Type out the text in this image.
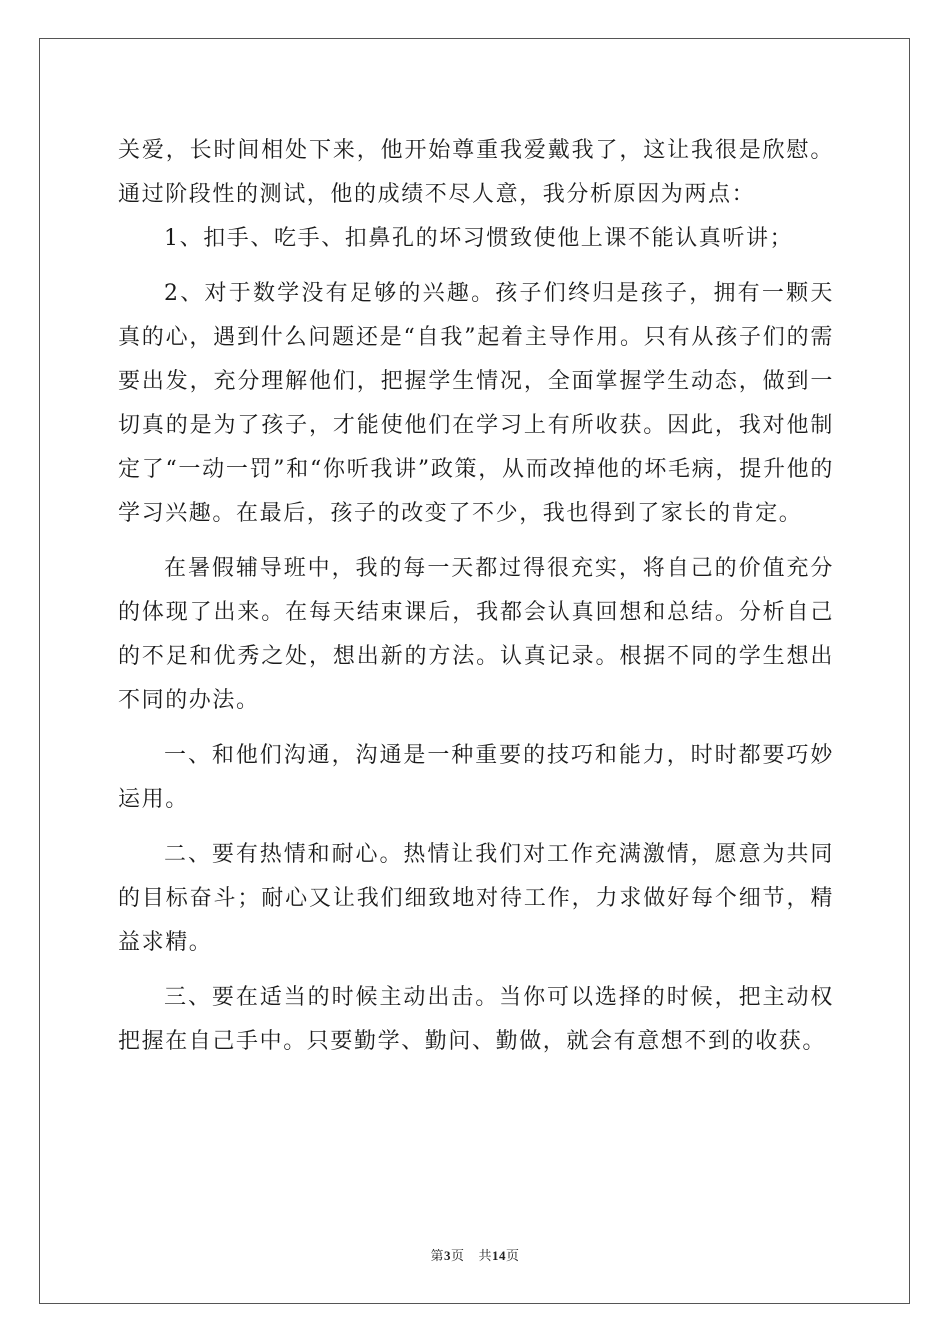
关爱，长时间相处下来，他开始尊重我爱戴我了，这让我很是欣慰。通过阶段性的测试，他的成绩不尽人意，我分析原因为两点：

1、扣手、吃手、扣鼻孔的坏习惯致使他上课不能认真听讲；

2、对于数学没有足够的兴趣。孩子们终归是孩子，拥有一颗天真的心，遇到什么问题还是“自我”起着主导作用。只有从孩子们的需要出发，充分理解他们，把握学生情况，全面掌握学生动态，做到一切真的是为了孩子，才能使他们在学习上有所收获。因此，我对他制定了“一动一罚”和“你听我讲”政策，从而改掉他的坏毛病，提升他的学习兴趣。在最后，孩子的改变了不少，我也得到了家长的肯定。

在暑假辅导班中，我的每一天都过得很充实，将自己的价值充分的体现了出来。在每天结束课后，我都会认真回想和总结。分析自己的不足和优秀之处，想出新的方法。认真记录。根据不同的学生想出不同的办法。

一、和他们沟通，沟通是一种重要的技巧和能力，时时都要巧妙运用。

二、要有热情和耐心。热情让我们对工作充满激情，愿意为共同的目标奋斗；耐心又让我们细致地对待工作，力求做好每个细节，精益求精。

三、要在适当的时候主动出击。当你可以选择的时候，把主动权把握在自己手中。只要勤学、勤问、勤做，就会有意想不到的收获。

第3页 共14页
